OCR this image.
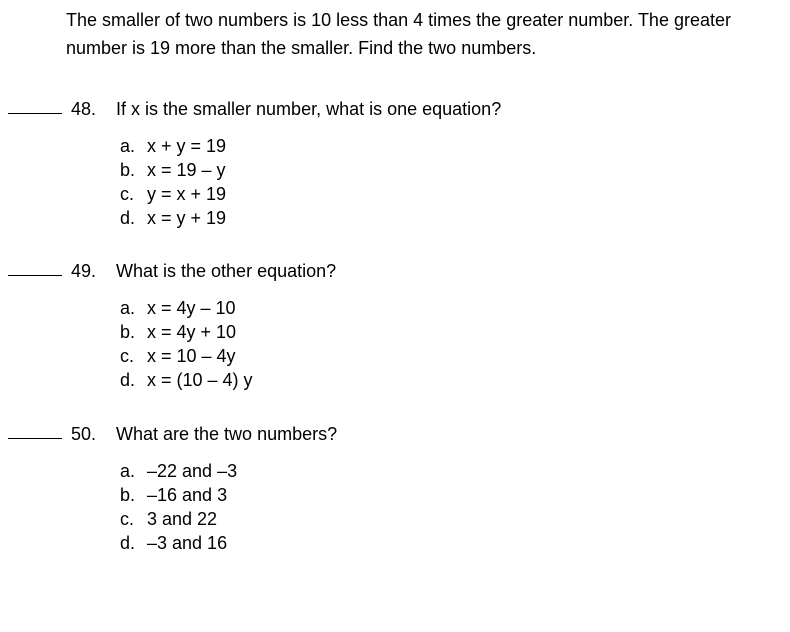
The smaller of two numbers is 10 less than 4 times the greater number. The greater number is 19 more than the smaller. Find the two numbers.

48. If x is the smaller number, what is one equation?
a. x + y = 19
b. x = 19 – y
c. y = x + 19
d. x = y + 19
49. What is the other equation?
a. x = 4y – 10
b. x = 4y + 10
c. x = 10 – 4y
d. x = (10 – 4) y
50. What are the two numbers?
a. –22 and –3
b. –16 and 3
c. 3 and 22
d. –3 and 16
